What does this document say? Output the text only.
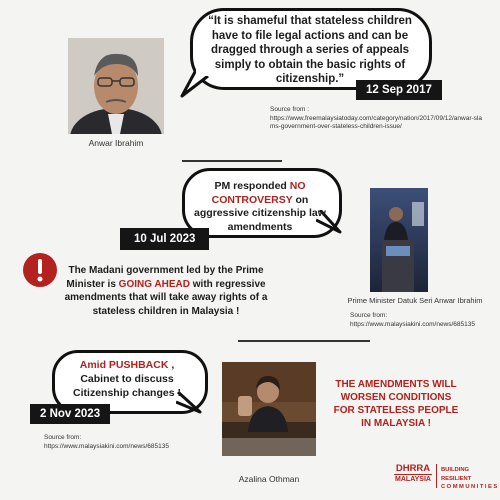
Anwar Ibrahim
“It is shameful that stateless children have to file legal actions and can be dragged through a series of appeals simply to obtain the basic rights of citizenship.”
12 Sep 2017
Source from :
https://www.freemalaysiatoday.com/category/nation/2017/09/12/anwar-slams-government-over-stateless-children-issue/
PM responded NO CONTROVERSY on aggressive citizenship law amendments
10 Jul 2023
The Madani government led by the Prime Minister is GOING AHEAD with regressive amendments that will take away rights of a stateless children in Malaysia !
Prime Minister Datuk Seri Anwar Ibrahim
Source from:
https://www.malaysiakini.com/news/685135
Amid PUSHBACK , Cabinet to discuss Citizenship changes !
2 Nov 2023
Source from:
https://www.malaysiakini.com/news/685135
Azalina Othman
THE AMENDMENTS WILL WORSEN CONDITIONS FOR STATELESS PEOPLE IN MALAYSIA !
DHRRA
MALAYSIA
BUILDING RESILIENT
COMMUNITIES
